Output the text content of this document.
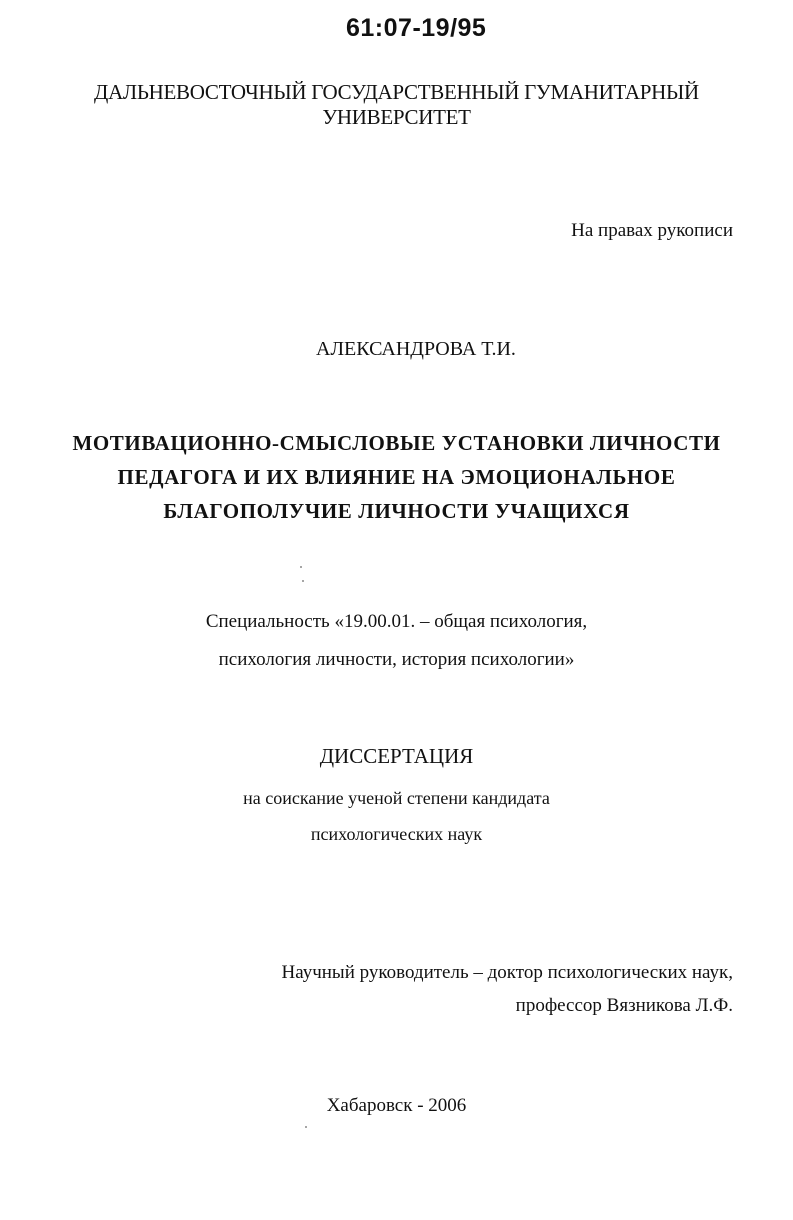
61:07-19/95
ДАЛЬНЕВОСТОЧНЫЙ ГОСУДАРСТВЕННЫЙ ГУМАНИТАРНЫЙ
УНИВЕРСИТЕТ
На правах рукописи
АЛЕКСАНДРОВА Т.И.
МОТИВАЦИОННО-СМЫСЛОВЫЕ УСТАНОВКИ ЛИЧНОСТИ
ПЕДАГОГА И ИХ ВЛИЯНИЕ НА ЭМОЦИОНАЛЬНОЕ
БЛАГОПОЛУЧИЕ ЛИЧНОСТИ УЧАЩИХСЯ
Специальность «19.00.01. – общая психология,
психология личности, история психологии»
ДИССЕРТАЦИЯ
на соискание ученой степени кандидата
психологических наук
Научный руководитель – доктор психологических наук,
профессор Вязникова Л.Ф.
Хабаровск - 2006
